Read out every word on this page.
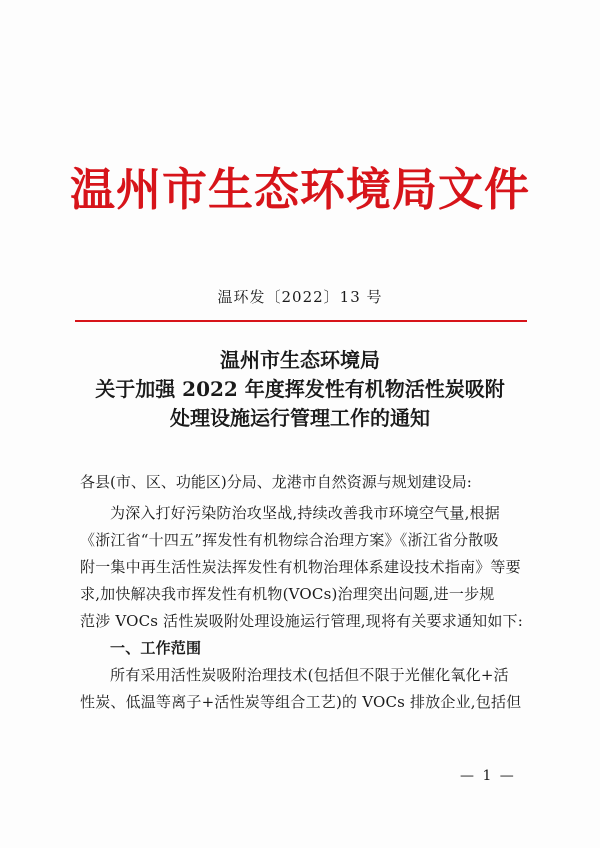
温州市生态环境局文件
温环发〔2022〕13 号
温州市生态环境局
关于加强 2022 年度挥发性有机物活性炭吸附
处理设施运行管理工作的通知
各县(市、区、功能区)分局、龙港市自然资源与规划建设局:
为深入打好污染防治攻坚战,持续改善我市环境空气量,根据
《浙江省“十四五”挥发性有机物综合治理方案》《浙江省分散吸
附一集中再生活性炭法挥发性有机物治理体系建设技术指南》等要
求,加快解决我市挥发性有机物(VOCs)治理突出问题,进一步规
范涉 VOCs 活性炭吸附处理设施运行管理,现将有关要求通知如下:
一、工作范围
所有采用活性炭吸附治理技术(包括但不限于光催化氧化+活
性炭、低温等离子+活性炭等组合工艺)的 VOCs 排放企业,包括但
— 1 —
